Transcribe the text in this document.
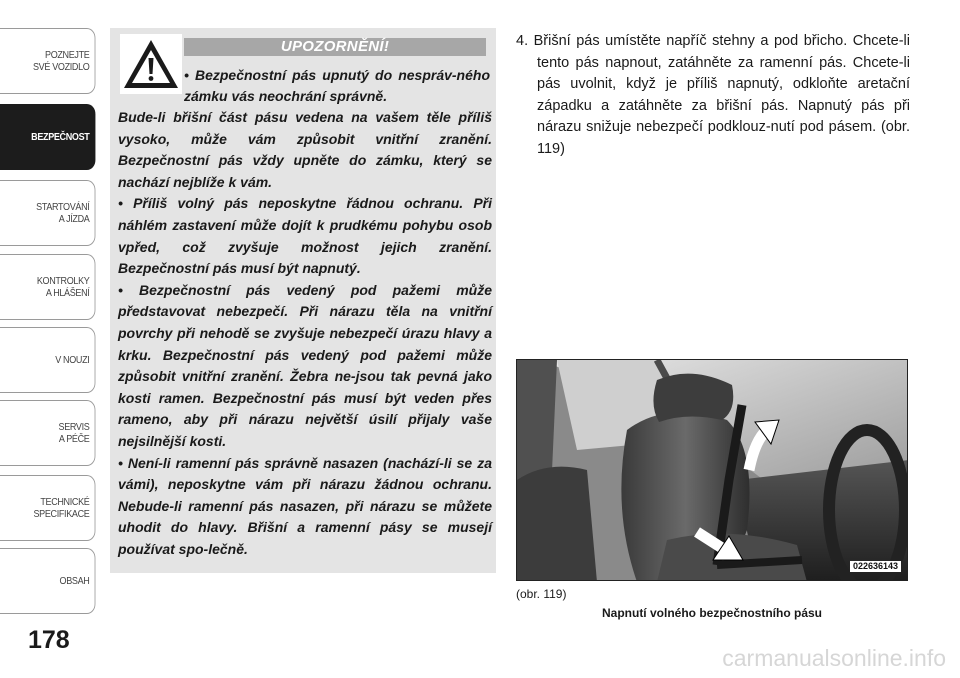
POZNEJTE
SVÉ VOZIDLO
BEZPEČNOST
STARTOVÁNÍ
A JÍZDA
KONTROLKY
A HLÁŠENÍ
V NOUZI
SERVIS
A PÉČE
TECHNICKÉ
SPECIFIKACE
OBSAH
178
UPOZORNĚNÍ!
• Bezpečnostní pás upnutý do nespráv-ného zámku vás neochrání správně.

Bude-li břišní část pásu vedena na vašem těle příliš vysoko, může vám způsobit vnitřní zranění. Bezpečnostní pás vždy upněte do zámku, který se nachází nejblíže k vám.

• Příliš volný pás neposkytne řádnou ochranu. Při náhlém zastavení může dojít k prudkému pohybu osob vpřed, což zvyšuje možnost jejich zranění. Bezpečnostní pás musí být napnutý.

• Bezpečnostní pás vedený pod pažemi může představovat nebezpečí. Při nárazu těla na vnitřní povrchy při nehodě se zvyšuje nebezpečí úrazu hlavy a krku. Bezpečnostní pás vedený pod pažemi může způsobit vnitřní zranění. Žebra ne-jsou tak pevná jako kosti ramen. Bezpečnostní pás musí být veden přes rameno, aby při nárazu největší úsilí přijaly vaše nejsilnější kosti.

• Není-li ramenní pás správně nasazen (nachází-li se za vámi), neposkytne vám při nárazu žádnou ochranu. Nebude-li ramenní pás nasazen, při nárazu se můžete uhodit do hlavy. Břišní a ramenní pásy se musejí používat spo-lečně.

4. Břišní pás umístěte napříč stehny a pod břicho. Chcete-li tento pás napnout, zatáhněte za ramenní pás. Chcete-li pás uvolnit, když je příliš napnutý, odkloňte aretační západku a zatáhněte za břišní pás. Napnutý pás při nárazu snižuje nebezpečí podklouz-nutí pod pásem. (obr. 119)

022636143
(obr. 119)
Napnutí volného bezpečnostního pásu
carmanualsonline.info
